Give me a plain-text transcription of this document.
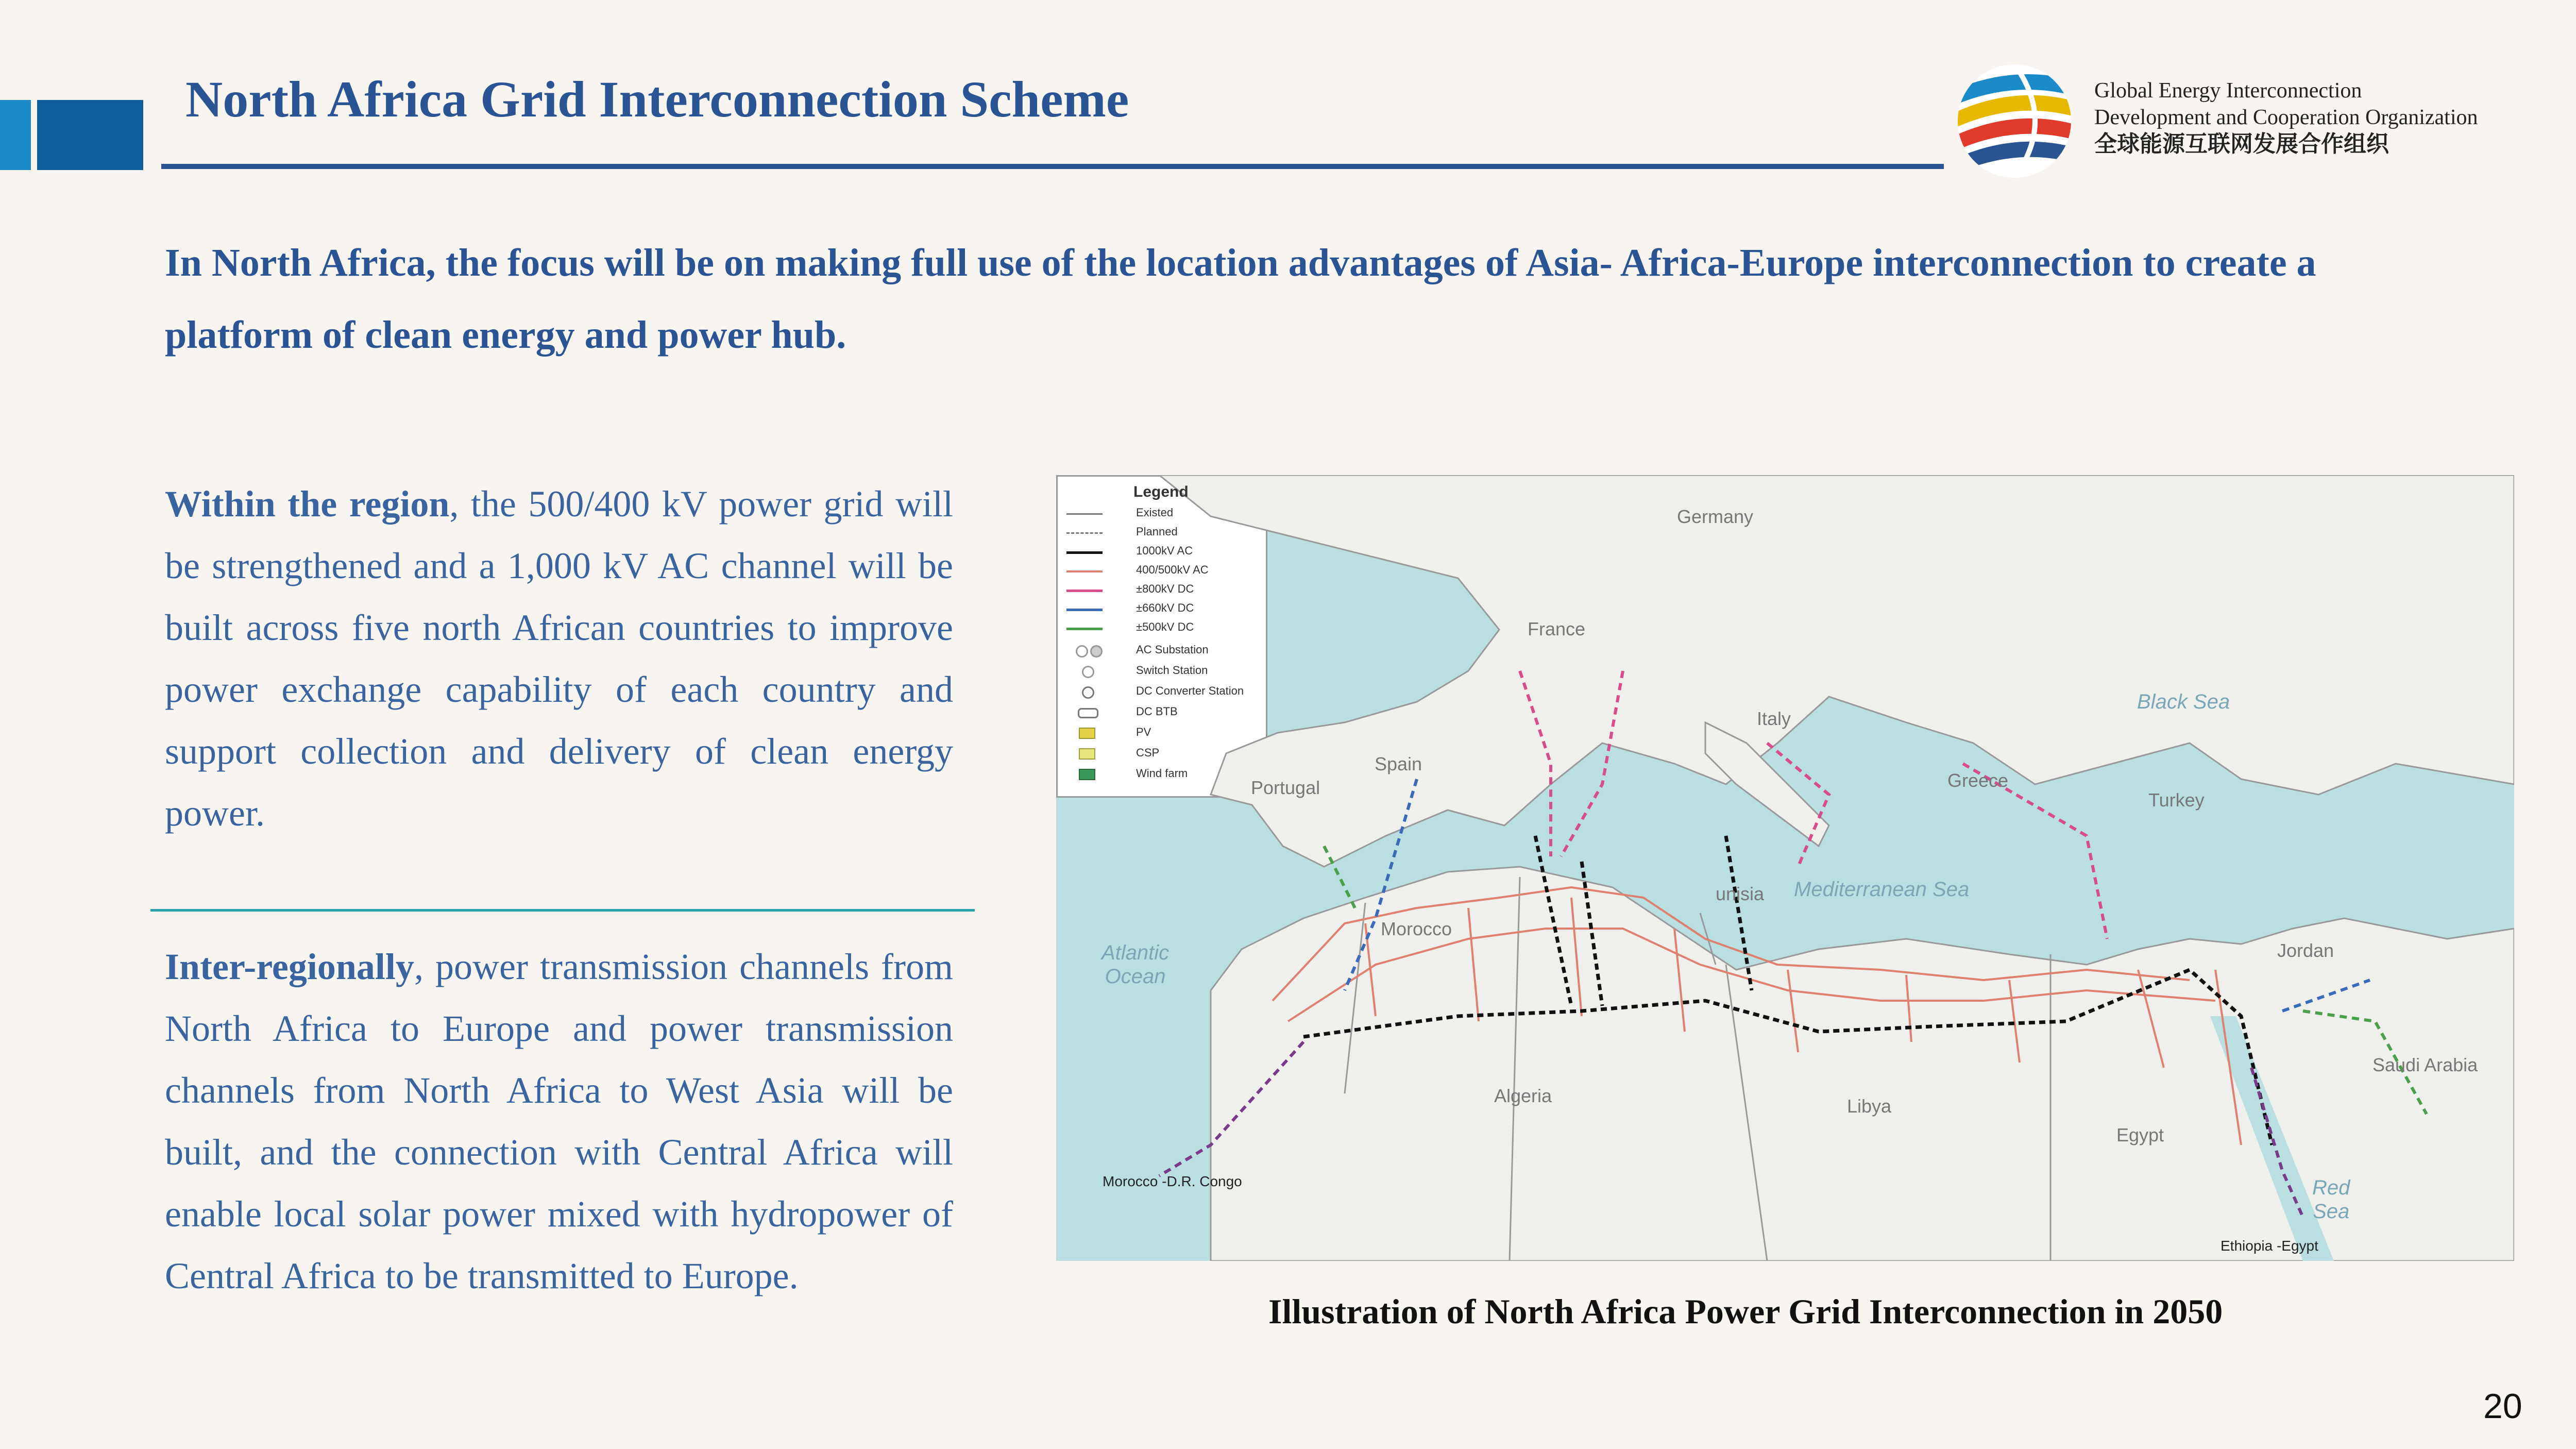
North Africa Grid Interconnection Scheme	Global Energy Interconnection
Development and Cooperation Organization
全球能源互联网发展合作组织
In North Africa, the focus will be on making full use of the location advantages of Asia- Africa-Europe interconnection to create a platform of clean energy and power hub.
Within the region, the 500/400 kV power grid will be strengthened and a 1,000 kV AC channel will be built across five north African countries to improve power exchange capability of each country and support collection and delivery of clean energy power.
Inter-regionally, power transmission channels from North Africa to Europe and power transmission channels from North Africa to West Asia will be built, and the connection with Central Africa will enable local solar power mixed with hydropower of Central Africa to be transmitted to Europe.
Germany
France
Spain
Portugal
Italy
Greece
Turkey
Morocco
Algeria
unisia
Libya
Egypt
Jordan
Saudi Arabia
Black Sea
Mediterranean Sea
Atlantic
Ocean
Red
Sea
Morocco -D.R. Congo
Ethiopia -Egypt
Legend
Existed
Planned
1000kV AC
400/500kV AC
±800kV DC
±660kV DC
±500kV DC
AC Substation
Switch Station
DC Converter Station
DC BTB
PV
CSP
Wind farm
Illustration of North Africa Power Grid Interconnection in 2050
20
